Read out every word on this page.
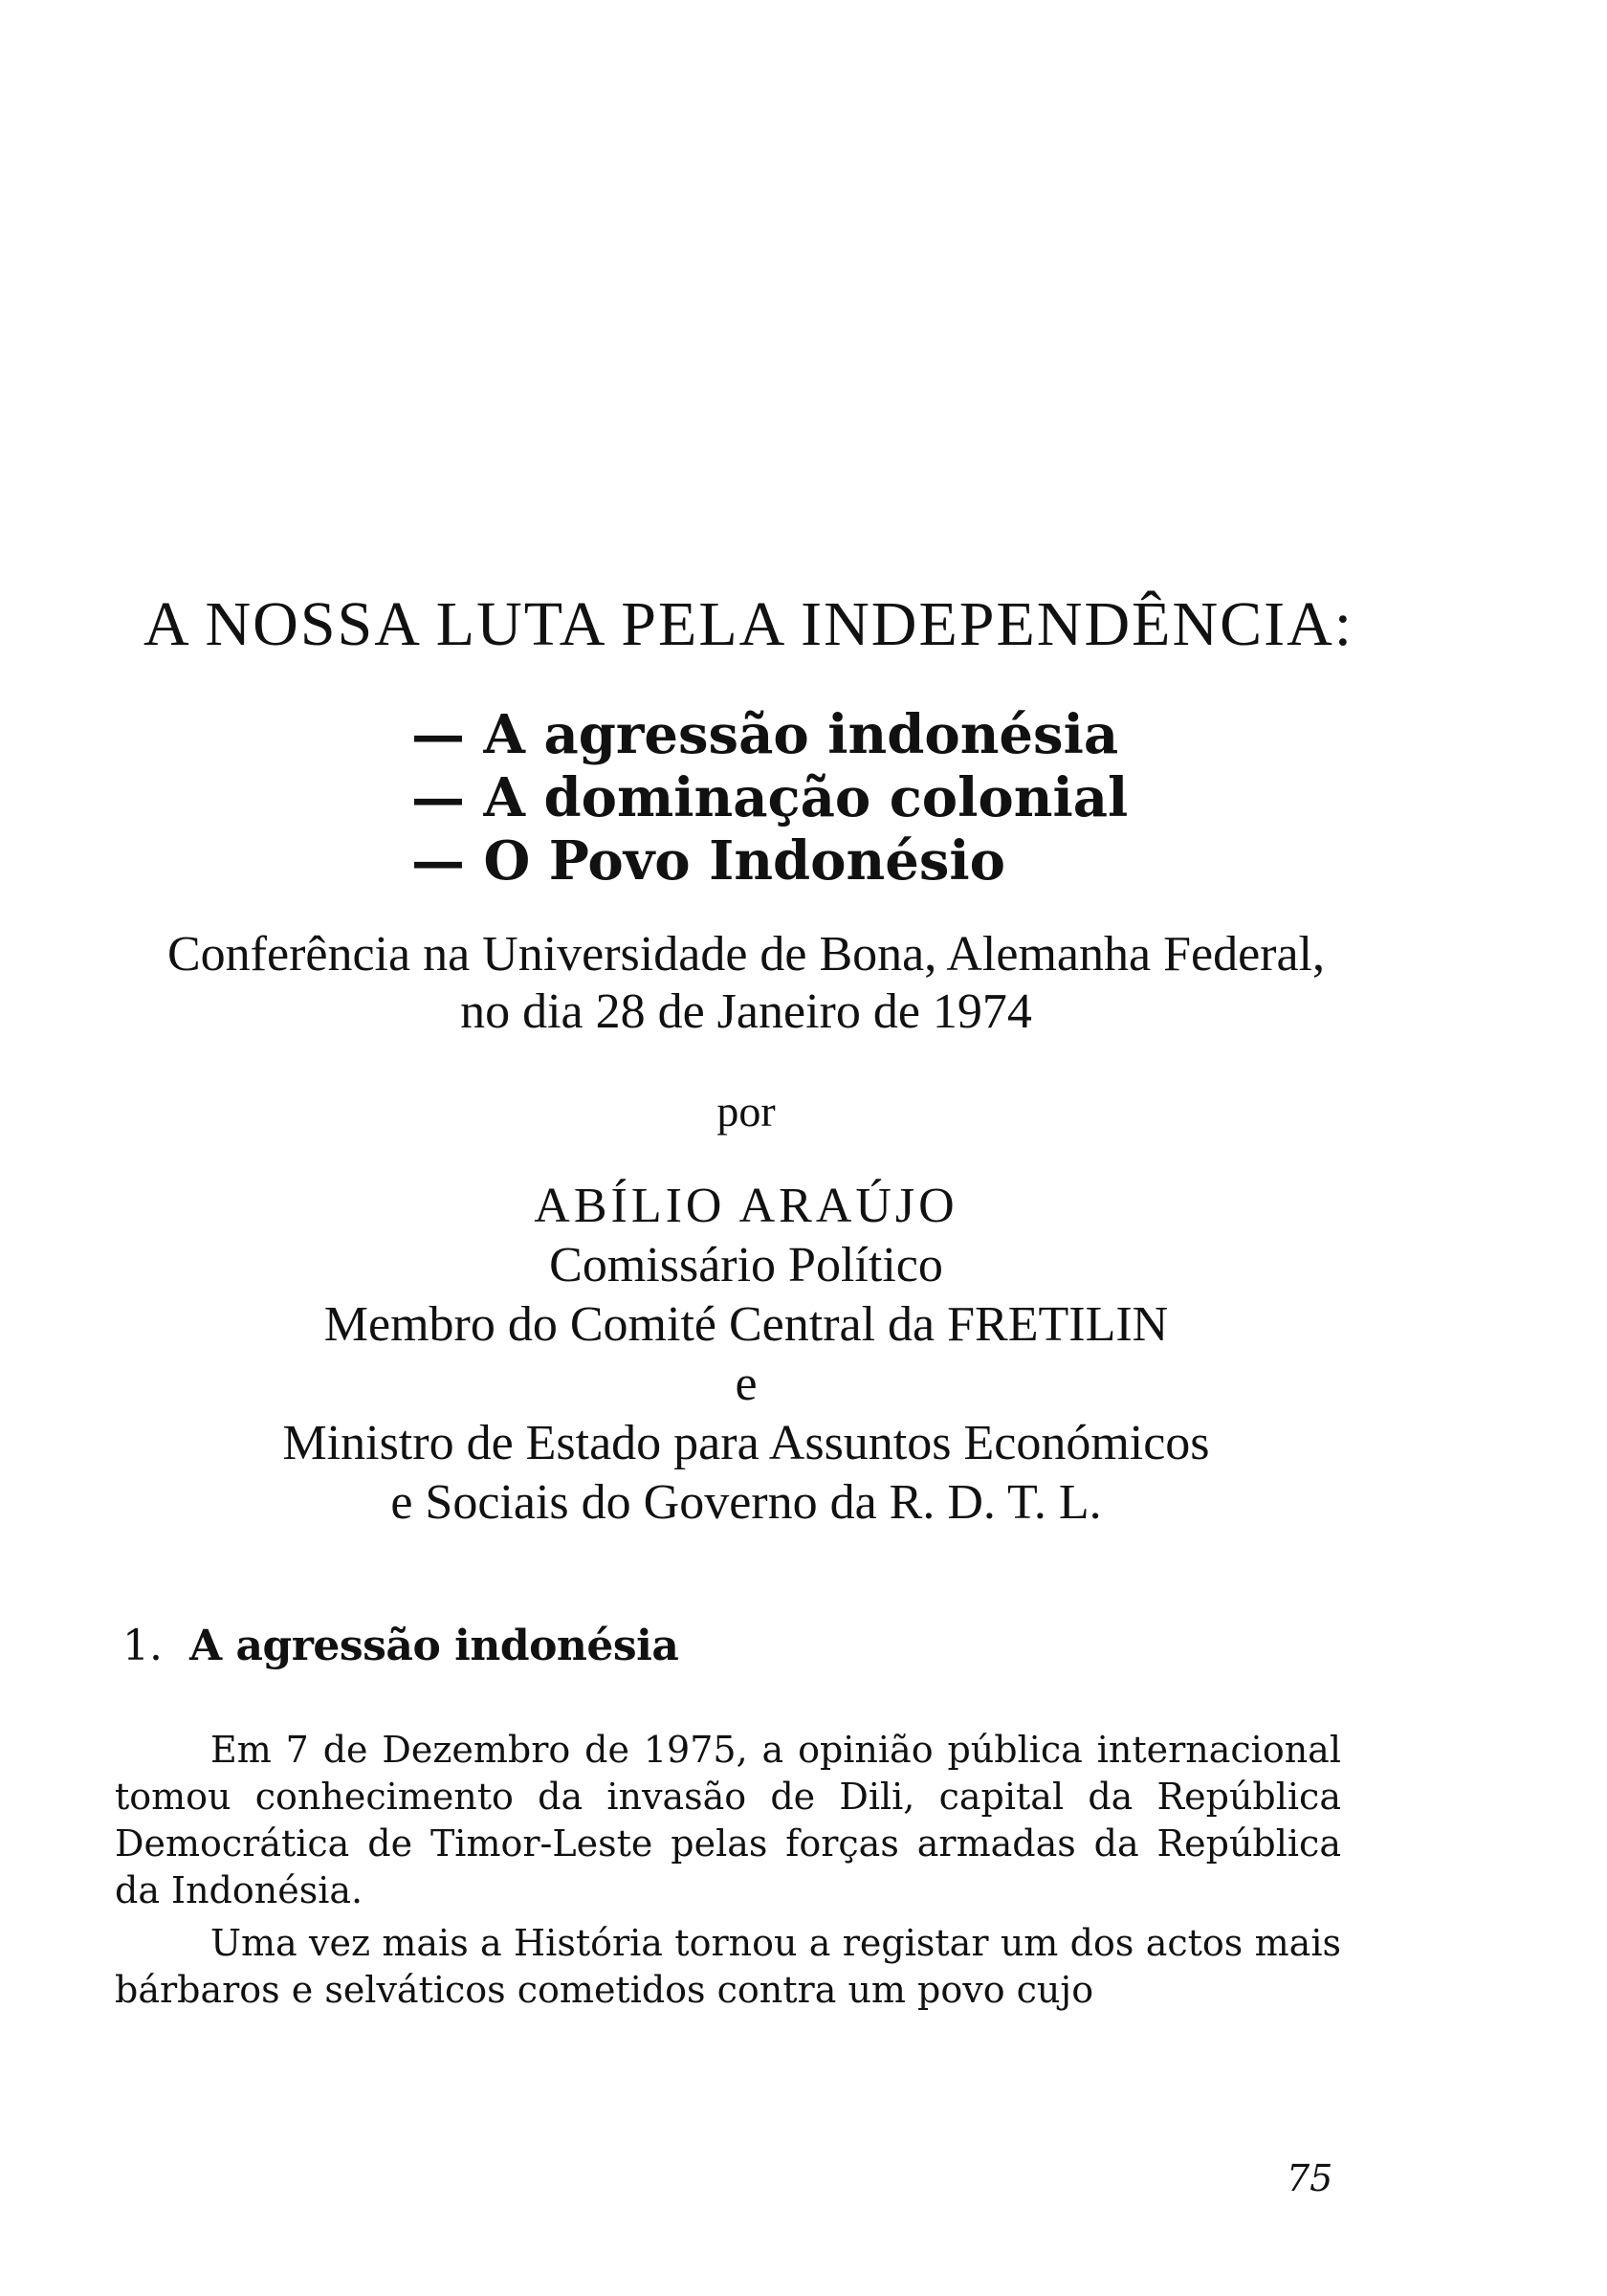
A NOSSA LUTA PELA INDEPENDÊNCIA:
— A agressão indonésia
— A dominação colonial
— O Povo Indonésio
Conferência na Universidade de Bona, Alemanha Federal,
no dia 28 de Janeiro de 1974
por
ABÍLIO ARAÚJO
Comissário Político
Membro do Comité Central da FRETILIN
e
Ministro de Estado para Assuntos Económicos
e Sociais do Governo da R. D. T. L.
1. A agressão indonésia

Em 7 de Dezembro de 1975, a opinião pública internacional tomou conhecimento da invasão de Dili, capital da República Democrática de Timor-Leste pelas forças armadas da República da Indonésia.

Uma vez mais a História tornou a registar um dos actos mais bárbaros e selváticos cometidos contra um povo cujo

75
